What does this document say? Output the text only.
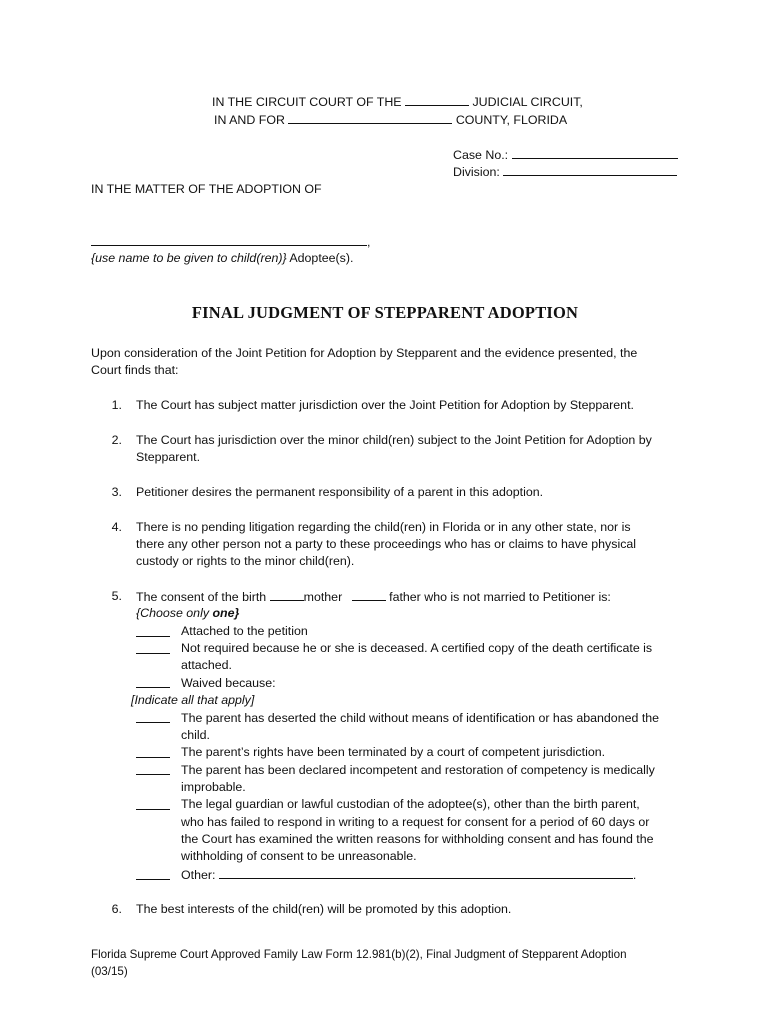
IN THE CIRCUIT COURT OF THE	JUDICIAL CIRCUIT,
IN AND FOR	COUNTY, FLORIDA
Case No.:
Division:
IN THE MATTER OF THE ADOPTION OF
,
{use name to be given to child(ren)} Adoptee(s).
FINAL JUDGMENT OF STEPPARENT ADOPTION
Upon consideration of the Joint Petition for Adoption by Stepparent and the evidence presented, the
Court finds that:
1. The Court has subject matter jurisdiction over the Joint Petition for Adoption by Stepparent.
2. The Court has jurisdiction over the minor child(ren) subject to the Joint Petition for Adoption by
Stepparent.
3. Petitioner desires the permanent responsibility of a parent in this adoption.
4. There is no pending litigation regarding the child(ren) in Florida or in any other state, nor is
there any other person not a party to these proceedings who has or claims to have physical
custody or rights to the minor child(ren).
5. The consent of the birth	mother	father who is not married to Petitioner is:
{Choose only one}
Attached to the petition
Not required because he or she is deceased. A certified copy of the death certificate is
attached.
Waived because:
[Indicate all that apply]
The parent has deserted the child without means of identification or has abandoned the
child.
The parent’s rights have been terminated by a court of competent jurisdiction.
The parent has been declared incompetent and restoration of competency is medically
improbable.
The legal guardian or lawful custodian of the adoptee(s), other than the birth parent,
who has failed to respond in writing to a request for consent for a period of 60 days or
the Court has examined the written reasons for withholding consent and has found the
withholding of consent to be unreasonable.
Other:	.
6. The best interests of the child(ren) will be promoted by this adoption.
Florida Supreme Court Approved Family Law Form 12.981(b)(2), Final Judgment of Stepparent Adoption
(03/15)
